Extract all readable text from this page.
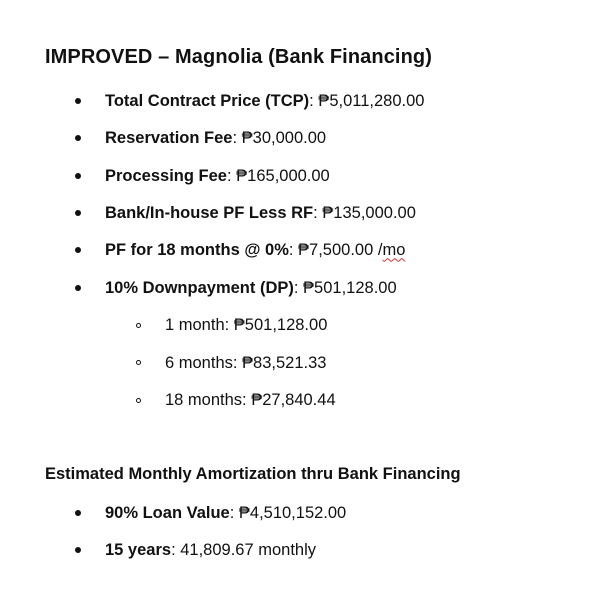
IMPROVED – Magnolia (Bank Financing)
Total Contract Price (TCP) : ₱5,011,280.00
Reservation Fee : ₱30,000.00
Processing Fee : ₱165,000.00
Bank/In-house PF Less RF : ₱135,000.00
PF for 18 months @ 0% : ₱7,500.00 / mo
10% Downpayment (DP) : ₱501,128.00
1 month: ₱501,128.00
6 months: ₱83,521.33
18 months: ₱27,840.44
Estimated Monthly Amortization thru Bank Financing
90% Loan Value : ₱4,510,152.00
15 years : 41,809.67 monthly
